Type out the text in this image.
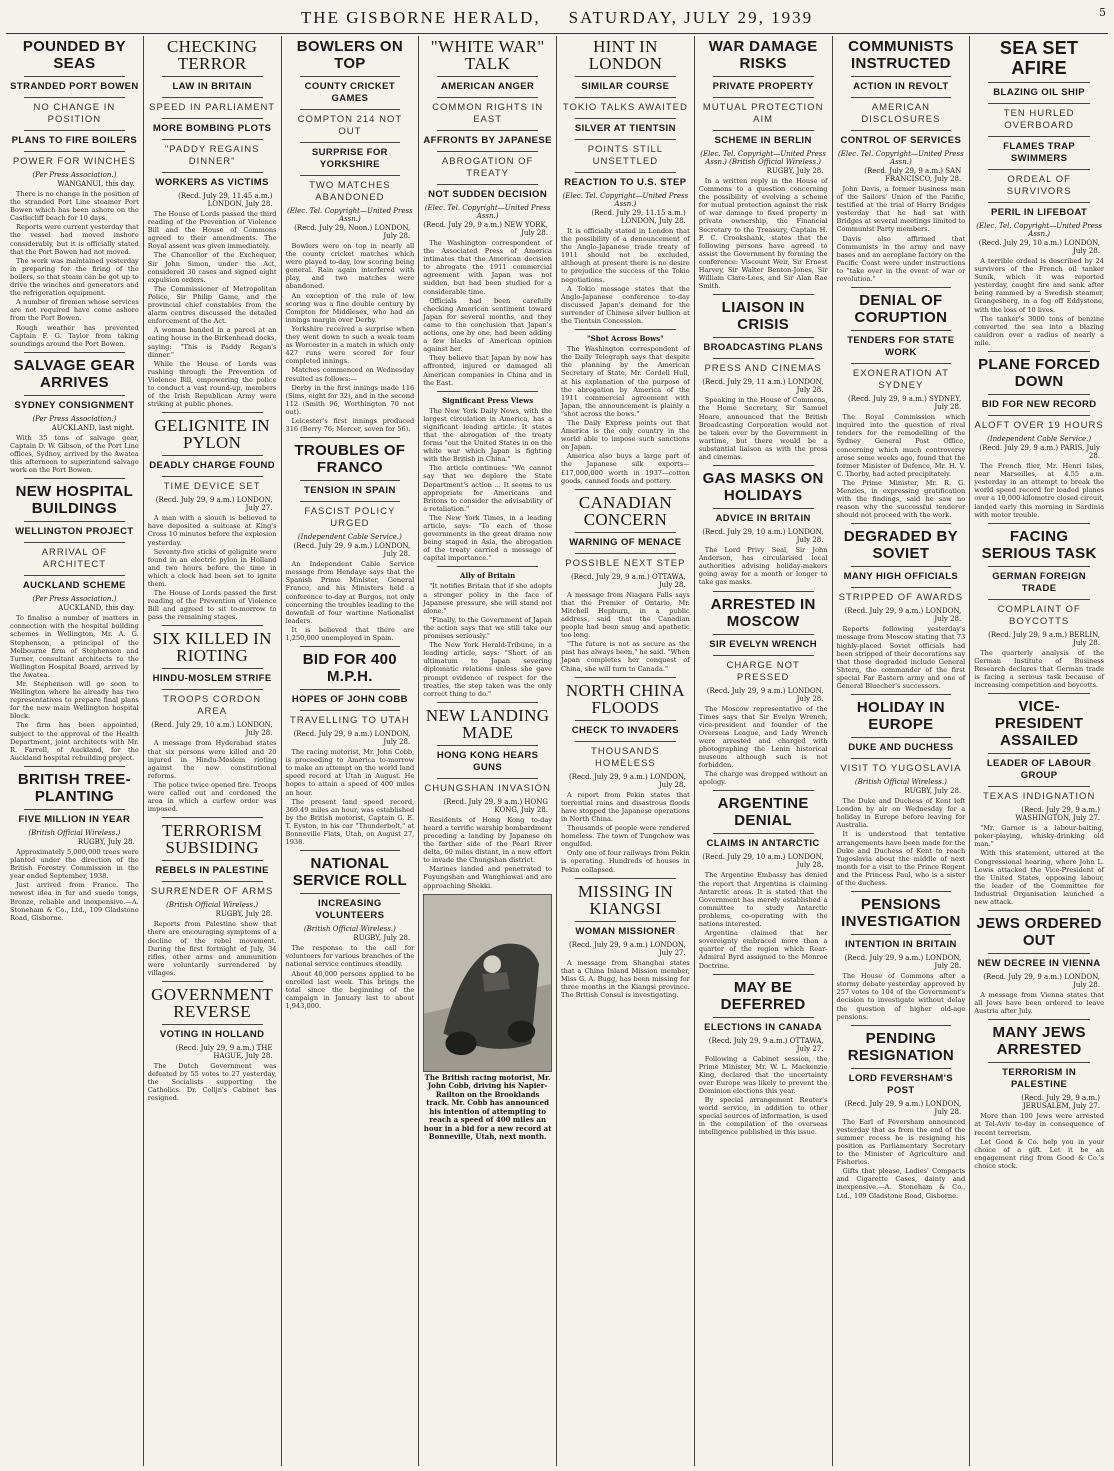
5
THE GISBORNE HERALD, SATURDAY, JULY 29, 1939
POUNDED BY SEAS
STRANDED PORT BOWEN
NO CHANGE IN POSITION
PLANS TO FIRE BOILERS
POWER FOR WINCHES
(Per Press Association.)
WANGANUI, this day.

There is no change in the position of the stranded Port Line steamer Port Bowen which has been ashore on the Castlecliff beach for 10 days.

Reports were current yesterday that the vessel had moved inshore considerably, but it is officially stated that the Port Bowen had not moved.

The work was maintained yesterday in preparing for the firing of the boilers, so that steam can be got up to drive the winches and generators and the refrigeration equipment.

A number of firemen whose services are not required have come ashore from the Port Bowen.

Rough weather has prevented Captain F. G. Taylor from taking soundings around the Port Bowen.

SALVAGE GEAR ARRIVES
SYDNEY CONSIGNMENT
(Per Press Association.)
AUCKLAND, last night.

With 35 tons of salvage gear, Captain D. W. Gibson, of the Port Line offices, Sydney, arrived by the Awatea this afternoon to superintend salvage work on the Port Bowen.

NEW HOSPITAL BUILDINGS
WELLINGTON PROJECT
ARRIVAL OF ARCHITECT
AUCKLAND SCHEME
(Per Press Association.)
AUCKLAND, this day.

To finalise a number of matters in connection with the hospital building schemes in Wellington, Mr. A. G. Stephenson, a principal of the Melbourne firm of Stephenson and Turner, consultant architects to the Wellington Hospital Board, arrived by the Awatea.

Mr. Stephenson will go soon to Wellington where he already has two representatives to prepare final plans for the new main Wellington hospital block.

The firm has been appointed, subject to the approval of the Health Department, joint architects with Mr. R. Farrell, of Auckland, for the Auckland hospital rebuilding project.

BRITISH TREE-PLANTING
FIVE MILLION IN YEAR
(British Official Wireless.)
RUGBY, July 28.

Approximately 5,000,000 trees were planted under the direction of the British Forestry Commission in the year ended September, 1938.

Just arrived from France. The newest idea in fur and suede tongs, Bronze, reliable and inexpensive.—A. Stoneham & Co., Ltd., 109 Gladstone Road, Gisborne.

CHECKING TERROR
LAW IN BRITAIN
SPEED IN PARLIAMENT
MORE BOMBING PLOTS
"PADDY REGAINS DINNER"
WORKERS AS VICTIMS
(Recd. July 29, 11.45 a.m.) LONDON, July 28.

The House of Lords passed the third reading of the Prevention of Violence Bill and the House of Commons agreed to their amendments. The Royal assent was given immediately.

The Chancellor of the Exchequer, Sir John Simon, under the Act, considered 30 cases and signed eight expulsion orders.

The Commissioner of Metropolitan Police, Sir Philip Game, and the provincial chief constables from the alarm centres discussed the detailed enforcement of the Act.

A woman handed in a parcel at an eating house in the Birkenhead docks, saying: "This is Paddy Regan's dinner."

While the House of Lords was rushing through the Prevention of Violence Bill, empowering the police to conduct a vast round-up, members of the Irish Republican Army were striking at public phones.

GELIGNITE IN PYLON
DEADLY CHARGE FOUND
TIME DEVICE SET
(Recd. July 29, 9 a.m.) LONDON, July 27.

A man with a slouch is believed to have deposited a suitcase at King's Cross 10 minutes before the explosion yesterday.

Seventy-five sticks of gelignite were found in an electric pylon in Holland and two hours before the time in which a clock had been set to ignite them.

The House of Lords passed the first reading of the Prevention of Violence Bill and agreed to sit to-morrow to pass the remaining stages.

SIX KILLED IN RIOTING
HINDU-MOSLEM STRIFE
TROOPS CORDON AREA
(Recd. July 29, 10 a.m.) LONDON, July 28.

A message from Hyderabad states that six persons were killed and 20 injured in Hindu-Moslem rioting against the new constitutional reforms.

The police twice opened fire. Troops were called out and cordoned the area in which a curfew order was imposed.

TERRORISM SUBSIDING
REBELS IN PALESTINE
SURRENDER OF ARMS
(British Official Wireless.)
RUGBY, July 28.

Reports from Palestine show that there are encouraging symptoms of a decline of the rebel movement. During the first fortnight of July, 34 rifles, other arms and ammunition were voluntarily surrendered by villages.

GOVERNMENT REVERSE
VOTING IN HOLLAND
(Recd. July 29, 9 a.m.) THE HAGUE, July 28.

The Dutch Government was defeated by 55 votes to 27 yesterday, the Socialists supporting the Catholics. Dr. Colijn's Cabinet has resigned.

BOWLERS ON TOP
COUNTY CRICKET GAMES
COMPTON 214 NOT OUT
SURPRISE FOR YORKSHIRE
TWO MATCHES ABANDONED
(Elec. Tel. Copyright—United Press Assn.)
(Recd. July 29, Noon.) LONDON, July 28.

Bowlers were on top in nearly all the county cricket matches which were played to-day, low scoring being general. Rain again interfered with play, and two matches were abandoned.

An exception of the rule of low scoring was a fine double century by Compton for Middlesex, who had an innings margin over Derby.

Yorkshire received a surprise when they went down to such a weak team as Worcester in a match in which only 427 runs were scored for four completed innings.

Matches commenced on Wednesday resulted as follows:—

Derby in the first innings made 116 (Sims, eight for 32), and in the second 112 (Smith 96, Worthington 70 not out).

Leicester's first innings produced 316 (Berry 76; Mercer, seven for 56).

TROUBLES OF FRANCO
TENSION IN SPAIN
FASCIST POLICY URGED
(Independent Cable Service.)
(Recd. July 29, 9 a.m.) LONDON, July 28.

An Independent Cable Service message from Hendaye says that the Spanish Prime Minister, General Franco, and his Ministers held a conference to-day at Burgos, not only concerning the troubles leading to the downfall of four wartime Nationalist leaders.

It is believed that there are 1,250,000 unemployed in Spain.

BID FOR 400 M.P.H.
HOPES OF JOHN COBB
TRAVELLING TO UTAH
(Recd. July 29, 9 a.m.) LONDON, July 28.

The racing motorist, Mr. John Cobb, is proceeding to America to-morrow to make an attempt on the world land speed record at Utah in August. He hopes to attain a speed of 400 miles an hour.

The present land speed record, 369.49 miles an hour, was established by the British motorist, Captain G. E. T. Eyston, in his car "Thunderbolt," at Bonneville Flats, Utah, on August 27, 1938.

NATIONAL SERVICE ROLL
INCREASING VOLUNTEERS
(British Official Wireless.)
RUGBY, July 28.

The response to the call for volunteers for various branches of the national service continues steadily.

About 40,000 persons applied to be enrolled last week. This brings the total since the beginning of the campaign in January last to about 1,943,000.

"WHITE WAR" TALK
AMERICAN ANGER
COMMON RIGHTS IN EAST
AFFRONTS BY JAPANESE
ABROGATION OF TREATY
NOT SUDDEN DECISION
(Elec. Tel. Copyright—United Press Assn.)
(Recd. July 29, 9 a.m.) NEW YORK, July 28.

The Washington correspondent of the Associated Press of America intimates that the American decision to abrogate the 1911 commercial agreement with Japan was not sudden, but had been studied for a considerable time.

Officials had been carefully checking American sentiment toward Japan for several months, and they came to the conclusion that Japan's actions, one by one, had been adding a few blacks of American opinion against her.

They believe that Japan by now has affronted, injured or damaged all American companies in China and in the East.

Significant Press Views

The New York Daily News, with the largest circulation in America, has a significant leading article. It states that the abrogation of the treaty forms "out the United States in on the white war which Japan is fighting with the British in China."

The article continues: "We cannot say that we deplore the State Department's action ... It seems to us appropriate for Americans and Britons to consider the advisability of a retaliation."

The New York Times, in a leading article, says: "To each of those governments in the great drama now being staged in Asia, the abrogation of the treaty carried a message of capital importance."

Ally of Britain

"It notifies Britain that if she adopts a stronger policy in the face of Japanese pressure, she will stand not alone."

"Finally, to the Government of Japan the action says that we still take our promises seriously."

The New York Herald-Tribune, in a leading article, says: "Short of an ultimatum to Japan severing diplomatic relations unless she gave prompt evidence of respect for the treaties, the step taken was the only correct thing to do."

NEW LANDING MADE
HONG KONG HEARS GUNS
CHUNGSHAN INVASION
(Recd. July 29, 9 a.m.) HONG KONG, July 28.

Residents of Hong Kong to-day heard a terrific warship bombardment preceding a landing by Japanese on the farther side of the Pearl River delta, 60 miles distant, in a new effort to invade the Chungshan district.

Marines landed and penetrated to Fuyungshan and Wanghiawai and are approaching Shekki.

The British racing motorist, Mr. John Cobb, driving his Napier-Railton on the Brooklands track. Mr. Cobb has announced his intention of attempting to reach a speed of 400 miles an hour in a bid for a new record at Bonneville, Utah, next month.
HINT IN LONDON
SIMILAR COURSE
TOKIO TALKS AWAITED
SILVER AT TIENTSIN
POINTS STILL UNSETTLED
REACTION TO U.S. STEP
(Elec. Tel. Copyright—United Press Assn.)
(Recd. July 29, 11.15 a.m.) LONDON, July 28.

It is officially stated in London that the possibility of a denouncement of the Anglo-Japanese trade treaty of 1911 should not be excluded, although at present there is no desire to prejudice the success of the Tokio negotiations.

A Tokio message states that the Anglo-Japanese conference to-day discussed Japan's demand for the surrender of Chinese silver bullion at the Tientsin Concession.

"Shot Across Bows"

The Washington correspondent of the Daily Telegraph says that despite the planning by the American Secretary of State, Mr. Cordell Hull, at his explanation of the purpose of the abrogation by America of the 1911 commercial agreement with Japan, the announcement is plainly a "shot across the bows."

The Daily Express points out that America is the only country in the world able to impose such sanctions on Japan.

America also buys a large part of the Japanese silk exports—£17,000,000 worth in 1937—cotton goods, canned foods and pottery.

CANADIAN CONCERN
WARNING OF MENACE
POSSIBLE NEXT STEP
(Recd. July 29, 9 a.m.) OTTAWA, July 28.

A message from Niagara Falls says that the Premier of Ontario, Mr. Mitchell Hepburn, in a public address, said that the Canadian people had been smug and apathetic too long.

"The future is not as secure as the past has always been," he said. "When Japan completes her conquest of China, she will turn to Canada."

NORTH CHINA FLOODS
CHECK TO INVADERS
THOUSANDS HOMELESS
(Recd. July 29, 9 a.m.) LONDON, July 28.

A report from Pekin states that torrential rains and disastrous floods have stopped the Japanese operations in North China.

Thousands of people were rendered homeless. The town of Tungchow was engulfed.

Only one of four railways from Pekin is operating. Hundreds of houses in Pekin collapsed.

MISSING IN KIANGSI
WOMAN MISSIONER
(Recd. July 29, 9 a.m.) LONDON, July 27.

A message from Shanghai states that a China Inland Mission member, Miss G. A. Bugg, has been missing for three months in the Kiangsi province. The British Consul is investigating.

WAR DAMAGE RISKS
PRIVATE PROPERTY
MUTUAL PROTECTION AIM
SCHEME IN BERLIN
(Elec. Tel. Copyright—United Press Assn.) (British Official Wireless.)
RUGBY, July 28.

In a written reply in the House of Commons to a question concerning the possibility of evolving a scheme for mutual protection against the risk of war damage to fixed property in private ownership, the Financial Secretary to the Treasury, Captain H. F. C. Crookshank, states that the following persons have agreed to assist the Government by forming the conference: Viscount Weir, Sir Ernest Harvey, Sir Walter Benton-Jones, Sir William Clare-Lees, and Sir Alan Rae Smith.

LIAISON IN CRISIS
BROADCASTING PLANS
PRESS AND CINEMAS
(Recd. July 29, 11 a.m.) LONDON, July 28.

Speaking in the House of Commons, the Home Secretary, Sir Samuel Hoare, announced that the British Broadcasting Corporation would not be taken over by the Government in wartime, but there would be a substantial liaison as with the press and cinemas.

GAS MASKS ON HOLIDAYS
ADVICE IN BRITAIN
(Recd. July 29, 10 a.m.) LONDON, July 28.

The Lord Privy Seal, Sir John Anderson, has circularised local authorities advising holiday-makers going away for a month or longer to take gas masks.

ARRESTED IN MOSCOW
SIR EVELYN WRENCH
CHARGE NOT PRESSED
(Recd. July 29, 9 a.m.) LONDON, July 28.

The Moscow representative of the Times says that Sir Evelyn Wrench, vice-president and founder of the Overseas League, and Lady Wrench were arrested and charged with photographing the Lenin historical museum although such is not forbidden.

The charge was dropped without an apology.

ARGENTINE DENIAL
CLAIMS IN ANTARCTIC
(Recd. July 29, 10 a.m.) LONDON, July 28.

The Argentine Embassy has denied the report that Argentina is claiming Antarctic areas. It is stated that the Government has merely established a committee to study Antarctic problems, co-operating with the nations interested.

Argentina claimed that her sovereignty embraced more than a quarter of the region which Rear-Admiral Byrd assigned to the Monroe Doctrine.

MAY BE DEFERRED
ELECTIONS IN CANADA
(Recd. July 29, 9 a.m.) OTTAWA, July 27.

Following a Cabinet session, the Prime Minister, Mr. W. L. Mackenzie King, declared that the uncertainty over Europe was likely to prevent the Dominion elections this year.

By special arrangement Reuter's world service, in addition to other special sources of information, is used in the compilation of the overseas intelligence published in this issue.

COMMUNISTS INSTRUCTED
ACTION IN REVOLT
AMERICAN DISCLOSURES
CONTROL OF SERVICES
(Elec. Tel. Copyright—United Press Assn.)
(Recd. July 29, 9 a.m.) SAN FRANCISCO, July 28.

John Davis, a former business man of the Sailors' Union of the Pacific, testified at the trial of Harry Bridges yesterday that he had sat with Bridges at several meetings limited to Communist Party members.

Davis also affirmed that Communists in the army and navy bases and an aeroplane factory on the Pacific Coast were under instructions to "take over in the event of war or revolution."

DENIAL OF CORUPTION
TENDERS FOR STATE WORK
EXONERATION AT SYDNEY
(Recd. July 29, 9 a.m.) SYDNEY, July 28.

The Royal Commission which inquired into the question of rival tenders for the remodelling of the Sydney General Post Office, concerning which much controversy arose some weeks ago, found that the former Minister of Defence, Mr. H. V. C. Thorby, had acted precipitately.

The Prime Minister, Mr. R. G. Menzies, in expressing gratification with the findings, said he saw no reason why the successful tenderer should not proceed with the work.

DEGRADED BY SOVIET
MANY HIGH OFFICIALS
STRIPPED OF AWARDS
(Recd. July 29, 9 a.m.) LONDON, July 28.

Reports following yesterday's message from Moscow stating that 73 highly-placed Soviet officials had been stripped of their decorations say that those degraded include General Shtern, the commander of the first special Far Eastern army and one of General Bluecher's successors.

HOLIDAY IN EUROPE
DUKE AND DUCHESS
VISIT TO YUGOSLAVIA
(British Official Wireless.)
RUGBY, July 28.

The Duke and Duchess of Kent left London by air on Wednesday for a holiday in Europe before leaving for Australia.

It is understood that tentative arrangements have been made for the Duke and Duchess of Kent to reach Yugoslavia about the middle of next month for a visit to the Prince Regent and the Princess Paul, who is a sister of the duchess.

PENSIONS INVESTIGATION
INTENTION IN BRITAIN
(Recd. July 29, 9 a.m.) LONDON, July 28.

The House of Commons after a stormy debate yesterday approved by 257 votes to 104 of the Government's decision to investigate without delay the question of higher old-age pensions.

PENDING RESIGNATION
LORD FEVERSHAM'S POST
(Recd. July 29, 9 a.m.) LONDON, July 28.

The Earl of Feversham announced yesterday that as from the end of the summer recess he is resigning his position as Parliamentary Secretary to the Minister of Agriculture and Fisheries.

Gifts that please, Ladies' Compacts and Cigarette Cases, dainty and inexpensive.—A. Stoneham & Co., Ltd., 109 Gladstone Road, Gisborne.

SEA SET AFIRE
BLAZING OIL SHIP
TEN HURLED OVERBOARD
FLAMES TRAP SWIMMERS
ORDEAL OF SURVIVORS
PERIL IN LIFEBOAT
(Elec. Tel. Copyright—United Press Assn.)
(Recd. July 29, 10 a.m.) LONDON, July 28.

A terrible ordeal is described by 24 survivors of the French oil tanker Sunik, which it was reported yesterday, caught fire and sank after being rammed by a Swedish steamer, Grangesberg, in a fog off Eddystone, with the loss of 10 lives.

The tanker's 3000 tons of benzine converted the sea into a blazing cauldron over a radius of nearly a mile.

PLANE FORCED DOWN
BID FOR NEW RECORD
ALOFT OVER 19 HOURS
(Independent Cable Service.)
(Recd. July 29, 9 a.m.) PARIS, July 28.

The French flier, Mr. Henri Isles, near Marseilles, at 4.55 a.m. yesterday in an attempt to break the world speed record for loaded planes over a 10,000-kilometre closed circuit, landed early this morning in Sardinia with motor trouble.

FACING SERIOUS TASK
GERMAN FOREIGN TRADE
COMPLAINT OF BOYCOTTS
(Recd. July 29, 9 a.m.) BERLIN, July 28.

The quarterly analysis of the German Institute of Business Research declares that German trade is facing a serious task because of increasing competition and boycotts.

VICE-PRESIDENT ASSAILED
LEADER OF LABOUR GROUP
TEXAS INDIGNATION
(Recd. July 29, 9 a.m.) WASHINGTON, July 27.

"Mr. Garner is a labour-baiting, poker-playing, whisky-drinking old man."

With this statement, uttered at the Congressional hearing, where John L. Lewis attacked the Vice-President of the United States, opposing labour, the leader of the Committee for Industrial Organisation launched a new attack.

JEWS ORDERED OUT
NEW DECREE IN VIENNA
(Recd. July 29, 9 a.m.) LONDON, July 28.

A message from Vienna states that all Jews have been ordered to leave Austria after July.

MANY JEWS ARRESTED
TERRORISM IN PALESTINE
(Recd. July 29, 9 a.m.) JERUSALEM, July 27.

More than 100 Jews were arrested at Tel-Aviv to-day in consequence of recent terrorism.

Let Good & Co. help you in your choice of a gift. Let it be an engagement ring from Good & Co.'s choice stock.
